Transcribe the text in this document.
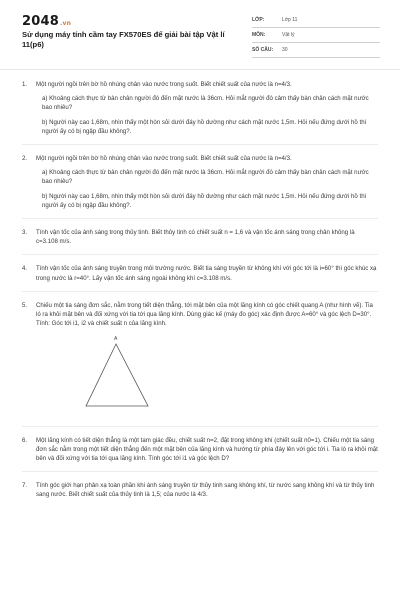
2048.vn
Sử dụng máy tính cầm tay FX570ES để giải bài tập Vật lí 11(p6)
LỚP:	Lớp 11
MÔN:	Vật lý
SỐ CÂU:	30
1. Một người ngồi trên bờ hồ nhúng chân vào nước trong suốt. Biết chiết suất của nước là n=4/3.

a) Khoảng cách thực từ bàn chân người đó đến mặt nước là 36cm. Hỏi mắt người đó cảm thấy bàn chân cách mặt nước bao nhiêu?

b) Người này cao 1,68m, nhìn thấy một hòn sỏi dưới đáy hồ dường như cách mặt nước 1,5m. Hỏi nếu đứng dưới hồ thì người ấy có bị ngập đầu không?.

2. Một người ngồi trên bờ hồ nhúng chân vào nước trong suốt. Biết chiết suất của nước là n=4/3.

a) Khoảng cách thực từ bàn chân người đó đến mặt nước là 36cm. Hỏi mắt người đó cảm thấy bàn chân cách mặt nước bao nhiêu?

b) Người này cao 1,68m, nhìn thấy một hòn sỏi dưới đáy hồ dường như cách mặt nước 1,5m. Hỏi nếu đứng dưới hồ thì người ấy có bị ngập đầu không?.

3. Tính vận tốc của ánh sáng trong thủy tinh. Biết thủy tinh có chiết suất n = 1,6 và vận tốc ánh sáng trong chân không là c=3.108 m/s.

4. Tính vận tốc của ánh sáng truyền trong môi trường nước. Biết tia sáng truyền từ không khí với góc tới là i=60° thì góc khúc xạ trong nước là r=40°. Lấy vận tốc ánh sáng ngoài không khí c=3.108 m/s.

5. Chiếu một tia sáng đơn sắc, nằm trong tiết diện thẳng, tới mặt bên của một lăng kính có góc chiết quang A (như hình vẽ). Tia ló ra khỏi mặt bên và đối xứng với tia tới qua lăng kính. Dùng giác kế (máy đo góc) xác định được A=60° và góc lệch D=30°. Tính: Góc tới i1, i2 và chiết suất n của lăng kính.

A
6. Một lăng kính có tiết diện thẳng là một tam giác đều, chiết suất n=2, đặt trong không khí (chiết suất n0=1). Chiếu một tia sáng đơn sắc nằm trong một tiết diện thẳng đến một mặt bên của lăng kính và hướng từ phía đáy lên với góc tới i. Tia ló ra khỏi mặt bên và đối xứng với tia tới qua lăng kính. Tính góc tới i1 và góc lệch D?

7. Tính góc giới hạn phản xạ toàn phần khi ánh sáng truyền từ thủy tinh sang không khí, từ nước sang không khí và từ thủy tinh sang nước. Biết chiết suất của thủy tinh là 1,5; của nước là 4/3.
